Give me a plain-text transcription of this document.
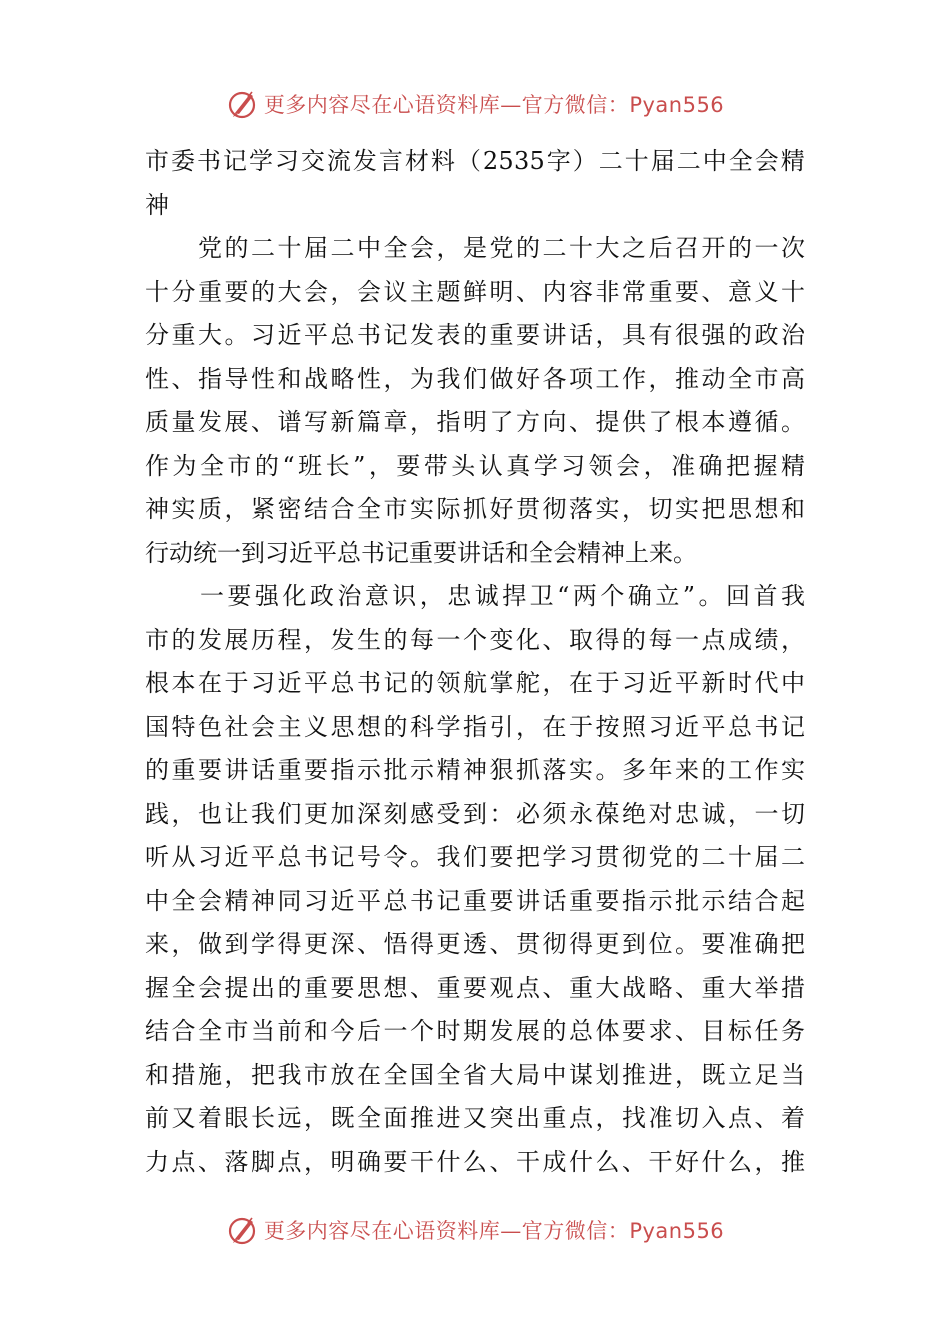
更多内容尽在心语资料库—官方微信：Pyan556
市委书记学习交流发言材料（2535字）二十届二中全会精
神
　　党的二十届二中全会，是党的二十大之后召开的一次
十分重要的大会，会议主题鲜明、内容非常重要、意义十
分重大。习近平总书记发表的重要讲话，具有很强的政治
性、指导性和战略性，为我们做好各项工作，推动全市高
质量发展、谱写新篇章，指明了方向、提供了根本遵循。
作为全市的“班长”，要带头认真学习领会，准确把握精
神实质，紧密结合全市实际抓好贯彻落实，切实把思想和
行动统一到习近平总书记重要讲话和全会精神上来。
　　一要强化政治意识，忠诚捍卫“两个确立”。回首我
市的发展历程，发生的每一个变化、取得的每一点成绩，
根本在于习近平总书记的领航掌舵，在于习近平新时代中
国特色社会主义思想的科学指引，在于按照习近平总书记
的重要讲话重要指示批示精神狠抓落实。多年来的工作实
践，也让我们更加深刻感受到：必须永葆绝对忠诚，一切
听从习近平总书记号令。我们要把学习贯彻党的二十届二
中全会精神同习近平总书记重要讲话重要指示批示结合起
来，做到学得更深、悟得更透、贯彻得更到位。要准确把
握全会提出的重要思想、重要观点、重大战略、重大举措
结合全市当前和今后一个时期发展的总体要求、目标任务
和措施，把我市放在全国全省大局中谋划推进，既立足当
前又着眼长远，既全面推进又突出重点，找准切入点、着
力点、落脚点，明确要干什么、干成什么、干好什么，推
更多内容尽在心语资料库—官方微信：Pyan556
